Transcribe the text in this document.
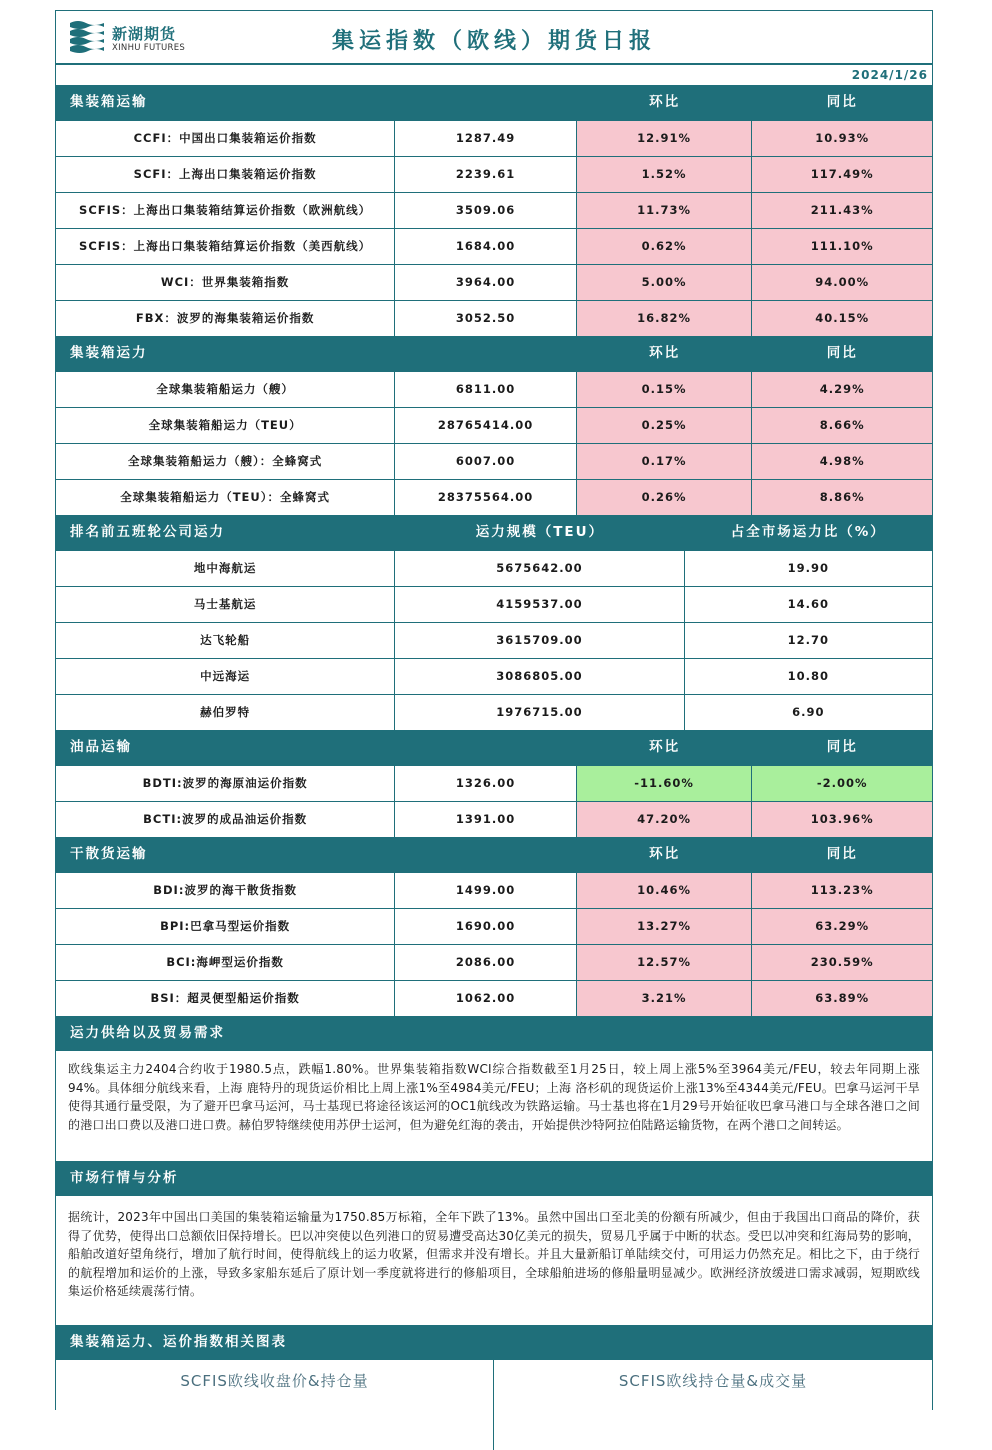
新湖期货
XINHU FUTURES	集运指数（欧线）期货日报
2024/1/26
集装箱运输	环比	同比
CCFI：中国出口集装箱运价指数	1287.49	12.91%	10.93%
SCFI：上海出口集装箱运价指数	2239.61	1.52%	117.49%
SCFIS：上海出口集装箱结算运价指数（欧洲航线）	3509.06	11.73%	211.43%
SCFIS：上海出口集装箱结算运价指数（美西航线）	1684.00	0.62%	111.10%
WCI：世界集装箱指数	3964.00	5.00%	94.00%
FBX：波罗的海集装箱运价指数	3052.50	16.82%	40.15%
集装箱运力	环比	同比
全球集装箱船运力（艘）	6811.00	0.15%	4.29%
全球集装箱船运力（TEU）	28765414.00	0.25%	8.66%
全球集装箱船运力（艘）：全蜂窝式	6007.00	0.17%	4.98%
全球集装箱船运力（TEU）：全蜂窝式	28375564.00	0.26%	8.86%
排名前五班轮公司运力	运力规模（TEU）	占全市场运力比（%）
地中海航运	5675642.00	19.90
马士基航运	4159537.00	14.60
达飞轮船	3615709.00	12.70
中远海运	3086805.00	10.80
赫伯罗特	1976715.00	6.90
油品运输	环比	同比
BDTI:波罗的海原油运价指数	1326.00	-11.60%	-2.00%
BCTI:波罗的成品油运价指数	1391.00	47.20%	103.96%
干散货运输	环比	同比
BDI:波罗的海干散货指数	1499.00	10.46%	113.23%
BPI:巴拿马型运价指数	1690.00	13.27%	63.29%
BCI:海岬型运价指数	2086.00	12.57%	230.59%
BSI：超灵便型船运价指数	1062.00	3.21%	63.89%
运力供给以及贸易需求
欧线集运主力2404合约收于1980.5点，跌幅1.80%。世界集装箱指数WCI综合指数截至1月25日，较上周上涨5%至3964美元/FEU，较去年同期上涨94%。具体细分航线来看，上海 鹿特丹的现货运价相比上周上涨1%至4984美元/FEU；上海 洛杉矶的现货运价上涨13%至4344美元/FEU。巴拿马运河干旱使得其通行量受限，为了避开巴拿马运河，马士基现已将途径该运河的OC1航线改为铁路运输。马士基也将在1月29号开始征收巴拿马港口与全球各港口之间的港口出口费以及港口进口费。赫伯罗特继续使用苏伊士运河，但为避免红海的袭击，开始提供沙特阿拉伯陆路运输货物，在两个港口之间转运。
市场行情与分析
据统计，2023年中国出口美国的集装箱运输量为1750.85万标箱，全年下跌了13%。虽然中国出口至北美的份额有所减少，但由于我国出口商品的降价，获得了优势，使得出口总额依旧保持增长。巴以冲突使以色列港口的贸易遭受高达30亿美元的损失，贸易几乎属于中断的状态。受巴以冲突和红海局势的影响，船舶改道好望角绕行，增加了航行时间，使得航线上的运力收紧，但需求并没有增长。并且大量新船订单陆续交付，可用运力仍然充足。相比之下，由于绕行的航程增加和运价的上涨，导致多家船东延后了原计划一季度就将进行的修船项目，全球船舶进场的修船量明显减少。欧洲经济放缓进口需求减弱，短期欧线集运价格延续震荡行情。
集装箱运力、运价指数相关图表
SCFIS欧线收盘价&持仓量	SCFIS欧线持仓量&成交量
